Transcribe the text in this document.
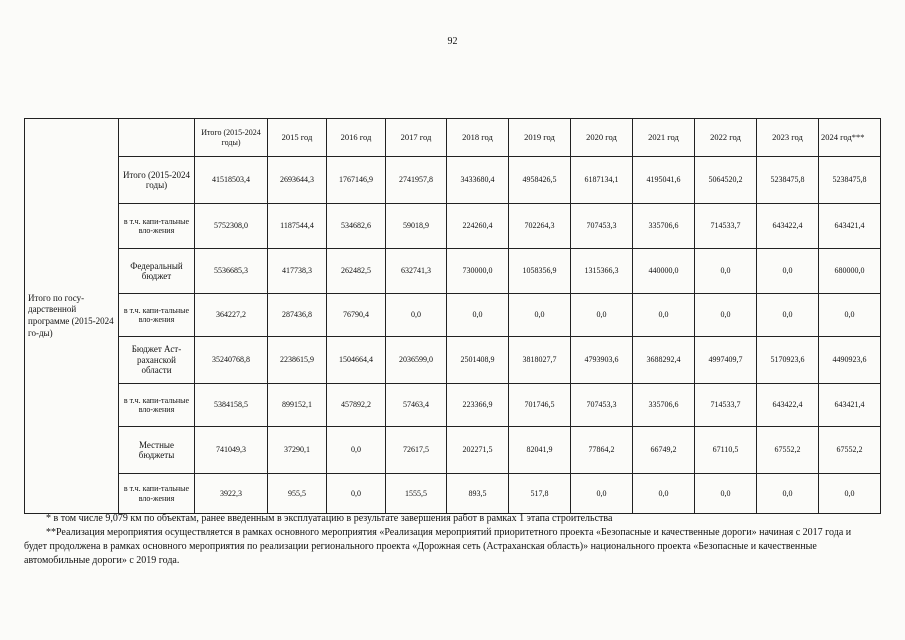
92
Итого по госу-дарственной программе (2015-2024 го-ды)		Итого (2015-2024 годы)	2015 год	2016 год	2017 год	2018 год	2019 год	2020 год	2021 год	2022 год	2023 год	2024 год***
	Итого (2015-2024 годы)	41518503,4	2693644,3	1767146,9	2741957,8	3433680,4	4958426,5	6187134,1	4195041,6	5064520,2	5238475,8	5238475,8
	в т.ч. капи-тальные вло-жения	5752308,0	1187544,4	534682,6	59018,9	224260,4	702264,3	707453,3	335706,6	714533,7	643422,4	643421,4
	Федеральный бюджет	5536685,3	417738,3	262482,5	632741,3	730000,0	1058356,9	1315366,3	440000,0	0,0	0,0	680000,0
	в т.ч. капи-тальные вло-жения	364227,2	287436,8	76790,4	0,0	0,0	0,0	0,0	0,0	0,0	0,0	0,0
	Бюджет Аст-раханской области	35240768,8	2238615,9	1504664,4	2036599,0	2501408,9	3818027,7	4793903,6	3688292,4	4997409,7	5170923,6	4490923,6
	в т.ч. капи-тальные вло-жения	5384158,5	899152,1	457892,2	57463,4	223366,9	701746,5	707453,3	335706,6	714533,7	643422,4	643421,4
	Местные бюджеты	741049,3	37290,1	0,0	72617,5	202271,5	82041,9	77864,2	66749,2	67110,5	67552,2	67552,2
	в т.ч. капи-тальные вло-жения	3922,3	955,5	0,0	1555,5	893,5	517,8	0,0	0,0	0,0	0,0	0,0

* в том числе 9,079 км по объектам, ранее введенным в эксплуатацию в результате завершения работ в рамках 1 этапа строительства

**Реализация мероприятия осуществляется в рамках основного мероприятия «Реализация мероприятий приоритетного проекта «Безопасные и качественные дороги» начиная с 2017 года и будет продолжена в рамках основного мероприятия по реализации регионального проекта «Дорожная сеть (Астраханская область)» национального проекта «Безопасные и качественные автомобильные дороги» с 2019 года.
